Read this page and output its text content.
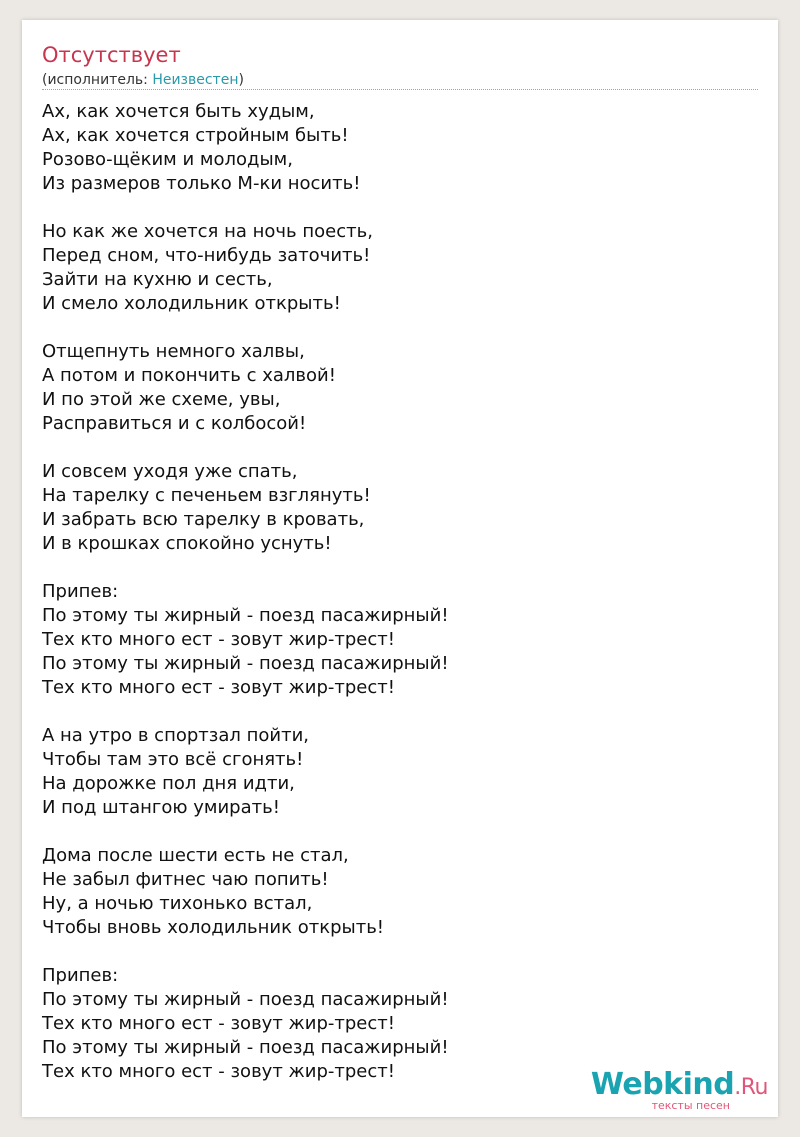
Отсутствует
(исполнитель: Неизвестен)
Ах, как хочется быть худым,
Ах, как хочется стройным быть!
Розово-щёким и молодым,
Из размеров только М-ки носить!
Но как же хочется на ночь поесть,
Перед сном, что-нибудь заточить!
Зайти на кухню и сесть,
И смело холодильник открыть!
Отщепнуть немного халвы,
А потом и покончить с халвой!
И по этой же схеме, увы,
Расправиться и с колбосой!
И совсем уходя уже спать,
На тарелку с печеньем взглянуть!
И забрать всю тарелку в кровать,
И в крошках спокойно уснуть!
Припев:
По этому ты жирный - поезд пасажирный!
Тех кто много ест - зовут жир-трест!
По этому ты жирный - поезд пасажирный!
Тех кто много ест - зовут жир-трест!
А на утро в спортзал пойти,
Чтобы там это всё сгонять!
На дорожке пол дня идти,
И под штангою умирать!
Дома после шести есть не стал,
Не забыл фитнес чаю попить!
Ну, а ночью тихонько встал,
Чтобы вновь холодильник открыть!
Припев:
По этому ты жирный - поезд пасажирный!
Тех кто много ест - зовут жир-трест!
По этому ты жирный - поезд пасажирный!
Тех кто много ест - зовут жир-трест!	Webkind.Ru
тексты песен
